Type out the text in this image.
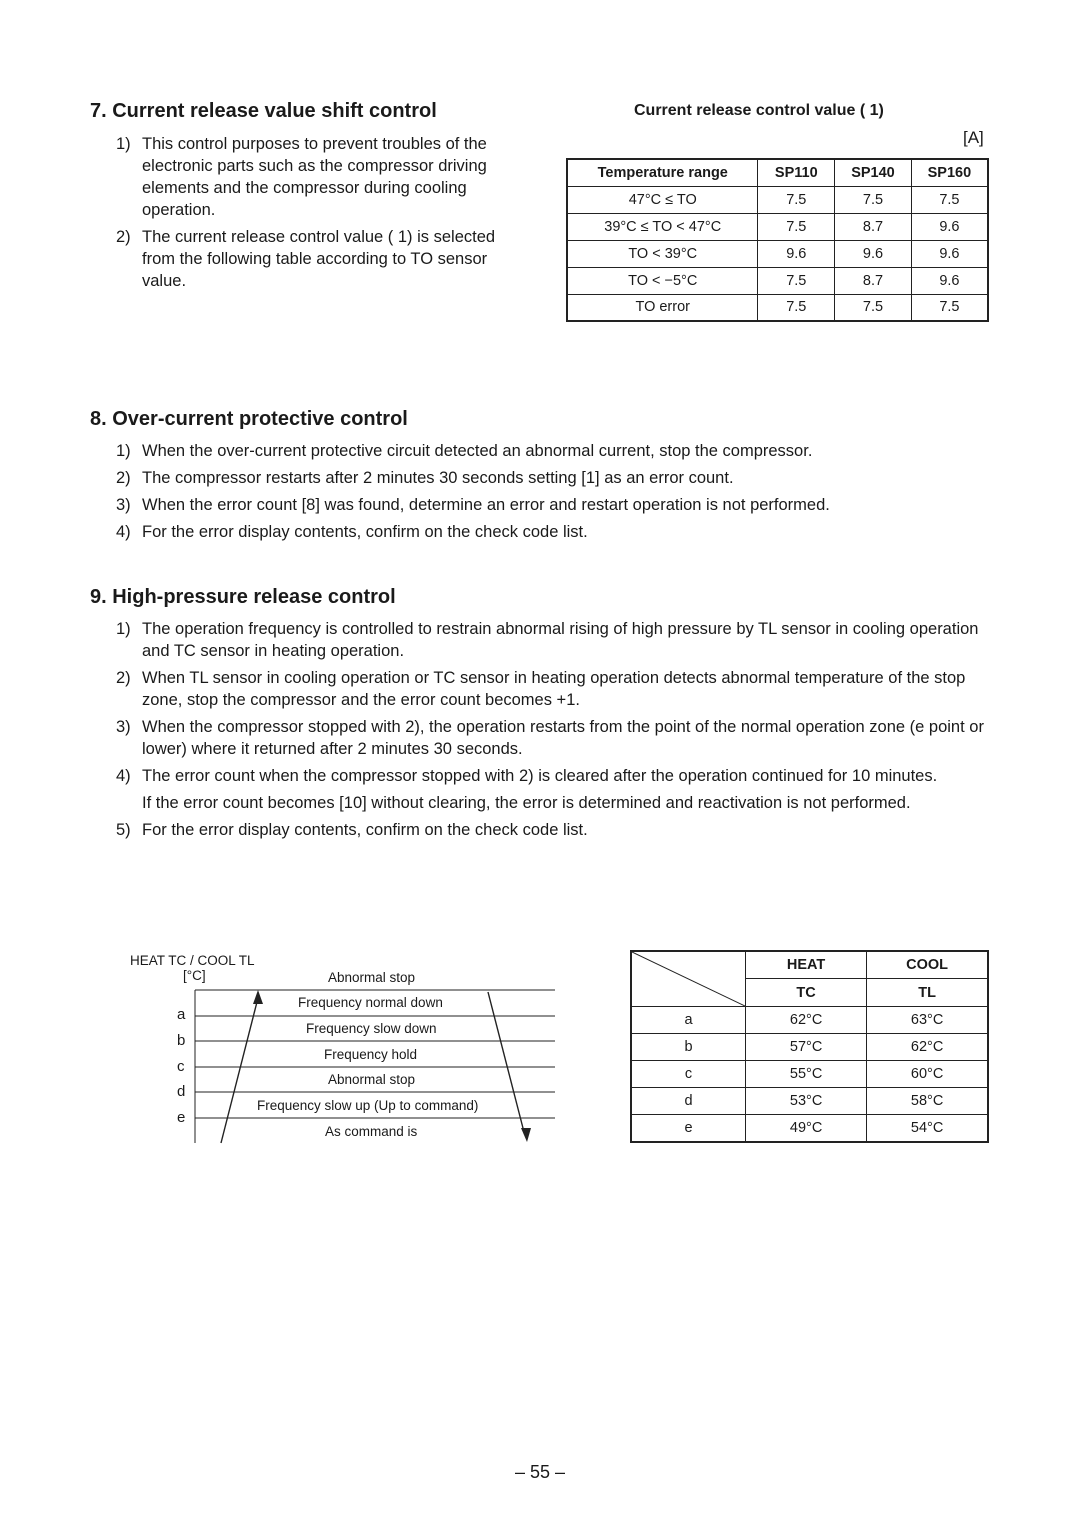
7. Current release value shift control
1) This control purposes to prevent troubles of the electronic parts such as the compressor driving elements and the compressor during cooling operation.
2) The current release control value ( 1) is selected from the following table according to TO sensor value.
Current release control value ( 1)
[A]
Temperature range	SP110	SP140	SP160
47°C ≤ TO	7.5	7.5	7.5
39°C ≤ TO < 47°C	7.5	8.7	9.6
TO < 39°C	9.6	9.6	9.6
TO < −5°C	7.5	8.7	9.6
TO error	7.5	7.5	7.5
8. Over-current protective control
1) When the over-current protective circuit detected an abnormal current, stop the compressor.
2) The compressor restarts after 2 minutes 30 seconds setting [1] as an error count.
3) When the error count [8] was found, determine an error and restart operation is not performed.
4) For the error display contents, confirm on the check code list.
9. High-pressure release control
1) The operation frequency is controlled to restrain abnormal rising of high pressure by TL sensor in cooling operation and TC sensor in heating operation.
2) When TL sensor in cooling operation or TC sensor in heating operation detects abnormal temperature of the stop zone, stop the compressor and the error count becomes +1.
3) When the compressor stopped with 2), the operation restarts from the point of the normal operation zone (e point or lower) where it returned after 2 minutes 30 seconds.
4) The error count when the compressor stopped with 2) is cleared after the operation continued for 10 minutes.
If the error count becomes [10] without clearing, the error is determined and reactivation is not performed.
5) For the error display contents, confirm on the check code list.
HEAT TC / COOL TL
[°C]	Abnormal stop
Frequency normal down
Frequency slow down
Frequency hold
Abnormal stop
Frequency slow up (Up to command)
As command is
a
b
c
d
e
	HEAT	COOL
	TC	TL
a	62°C	63°C
b	57°C	62°C
c	55°C	60°C
d	53°C	58°C
e	49°C	54°C
– 55 –
